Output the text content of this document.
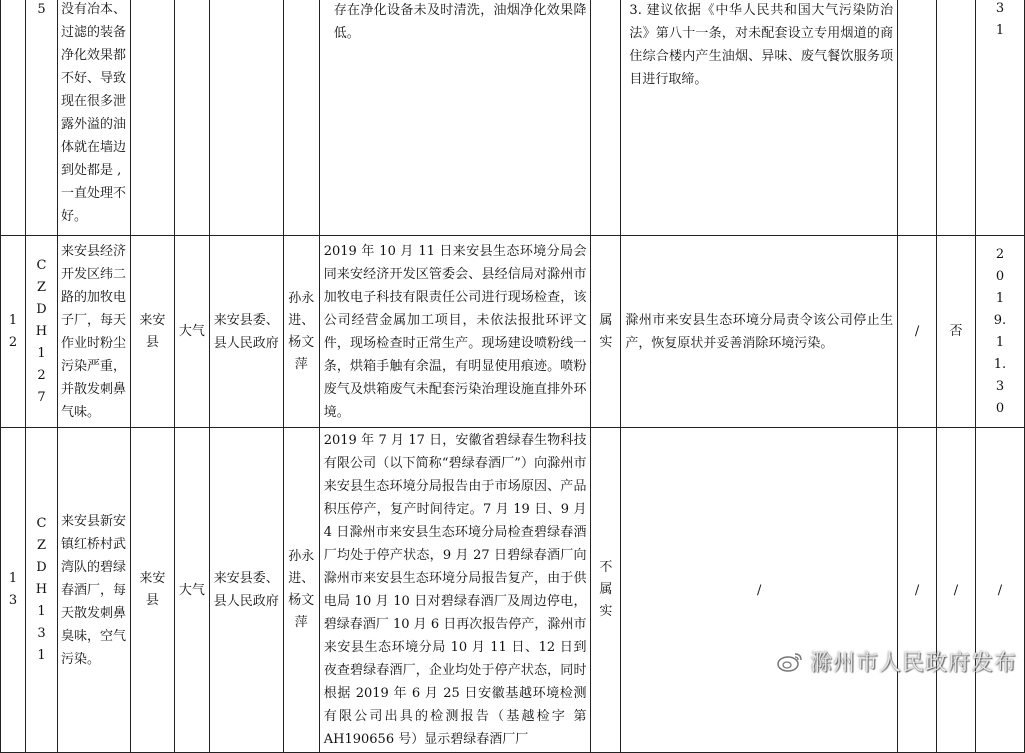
	5	没有冶本、过滤的装备净化效果都不好、导致现在很多泄露外溢的油体就在墙边到处都是 ,一直处理不好。					存在净化设备未及时清洗，油烟净化效果降低。		3. 建议依据《中华人民共和国大气污染防治法》第八十一条，对未配套设立专用烟道的商住综合楼内产生油烟、异味、废气餐饮服务项目进行取缔。			31

12	CZDH127	来安县经济开发区纬二路的加牧电子厂，每天作业时粉尘污染严重，并散发刺鼻气味。	来安县	大气	来安县委、县人民政府	孙永进、杨文萍	2019 年 10 月 11 日来安县生态环境分局会同来安经济开发区管委会、县经信局对滁州市加牧电子科技有限责任公司进行现场检查，该公司经营金属加工项目，未依法报批环评文件，现场检查时正常生产。现场建设喷粉线一条，烘箱手触有余温，有明显使用痕迹。喷粉废气及烘箱废气未配套污染治理设施直排外环境。	属实	滁州市来安县生态环境分局责令该公司停止生产，恢复原状并妥善消除环境污染。	/	否	2019.11.30

13	CZDH131	来安县新安镇红桥村武湾队的碧绿春酒厂，每天散发刺鼻臭味，空气污染。	来安县	大气	来安县委、县人民政府	孙永进、杨文萍	2019 年 7 月 17 日，安徽省碧绿春生物科技有限公司（以下简称“碧绿春酒厂”）向滁州市来安县生态环境分局报告由于市场原因、产品积压停产，复产时间待定。7 月 19 日、9 月 4 日滁州市来安县生态环境分局检查碧绿春酒厂均处于停产状态，9 月 27 日碧绿春酒厂向滁州市来安县生态环境分局报告复产，由于供电局 10 月 10 日对碧绿春酒厂及周边停电，碧绿春酒厂 10 月 6 日再次报告停产，滁州市来安县生态环境分局 10 月 11 日、12 日到夜查碧绿春酒厂，企业均处于停产状态，同时根据 2019 年 6 月 25 日安徽基越环境检测有限公司出具的检测报告（基越检字 第 AH190656 号）显示碧绿春酒厂厂	不属实	/	/	/	/
滁州市人民政府发布
